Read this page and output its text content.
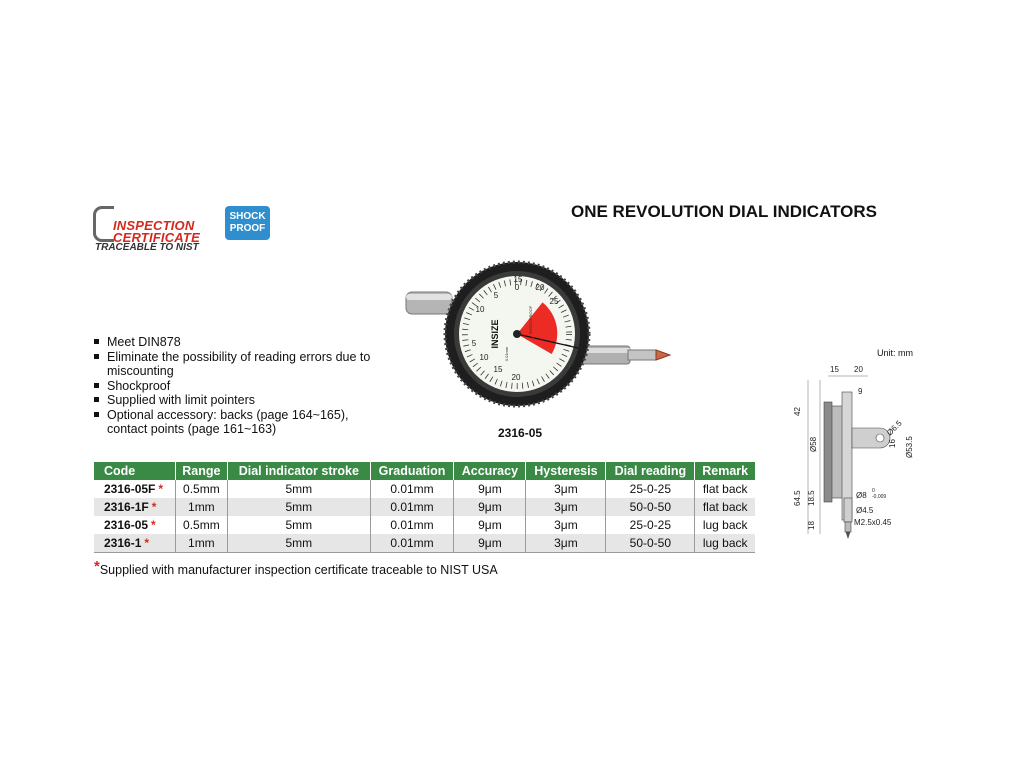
INSPECTION
CERTIFICATE
TRACEABLE TO NIST
SHOCK
PROOF
ONE REVOLUTION DIAL INDICATORS
Meet DIN878
Eliminate the possibility of reading errors due to miscounting
Shockproof
Supplied with limit pointers
Optional accessory: backs (page 164~165), contact points (page 161~163)
0
5
10
15
20
25
20
15
10
5 INSIZE	SHOCKPROOF
0.01mm
2316-05
Unit: mm
15 20
9
42
Ø58
Ø6.5
16 Ø53.5
64.5 18.5	Ø8 0
-0.009
Ø4.5
18	M2.5x0.45
Code	Range	Dial indicator stroke	Graduation	Accuracy	Hysteresis	Dial reading	Remark
2316-05F *	0.5mm	5mm	0.01mm	9μm	3μm	25-0-25	flat back
2316-1F *	1mm	5mm	0.01mm	9μm	3μm	50-0-50	flat back
2316-05 *	0.5mm	5mm	0.01mm	9μm	3μm	25-0-25	lug back
2316-1 *	1mm	5mm	0.01mm	9μm	3μm	50-0-50	lug back
*Supplied with manufacturer inspection certificate traceable to NIST USA
